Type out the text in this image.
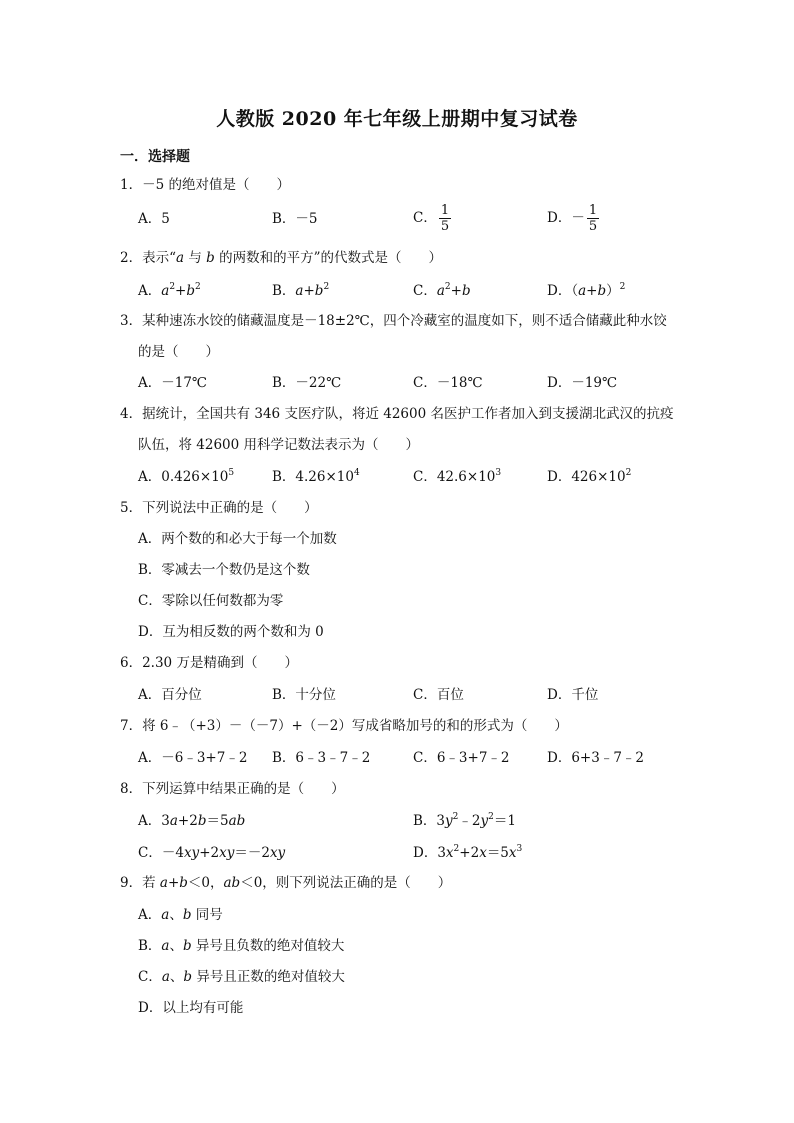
人教版 2020 年七年级上册期中复习试卷
一．选择题
1．－5 的绝对值是（　　）
A．5	B．－5	C． $\frac{1}{5}$	D．－ $\frac{1}{5}$
2．表示“a 与 b 的两数和的平方”的代数式是（　　）
A．$a^2+b^2$	B．$a+b^2$	C．$a^2+b$	D．$(a+b)^2$
3．某种速冻水饺的储藏温度是－18±2℃，四个冷藏室的温度如下，则不适合储藏此种水饺
的是（　　）
A．－17℃	B．－22℃	C．－18℃	D．－19℃
4．据统计，全国共有 346 支医疗队，将近 42600 名医护工作者加入到支援湖北武汉的抗疫
队伍，将 42600 用科学记数法表示为（　　）
A．$0.426\times 10^5$	B．$4.26\times 10^4$	C．$42.6\times 10^3$	D．$426\times 10^2$
5．下列说法中正确的是（　　）
A．两个数的和必大于每一个加数
B．零减去一个数仍是这个数
C．零除以任何数都为零
D．互为相反数的两个数和为 0
6．2.30 万是精确到（　　）
A．百分位	B．十分位	C．百位	D．千位
7．将 6﹣（+3）－（－7）+（－2）写成省略加号的和的形式为（　　）
A．－6﹣3+7﹣2 B．6﹣3﹣7﹣2	C．6﹣3+7﹣2	D．6+3﹣7﹣2
8．下列运算中结果正确的是（　　）
A．3a+2b＝5ab	B．$3y^2﹣2y^2=1$
C．－4xy+2xy＝－2xy	D．$3x^2+2x=5x^3$
9．若 a+b＜0，ab＜0，则下列说法正确的是（　　）
A．a、b 同号
B．a、b 异号且负数的绝对值较大
C．a、b 异号且正数的绝对值较大
D．以上均有可能
